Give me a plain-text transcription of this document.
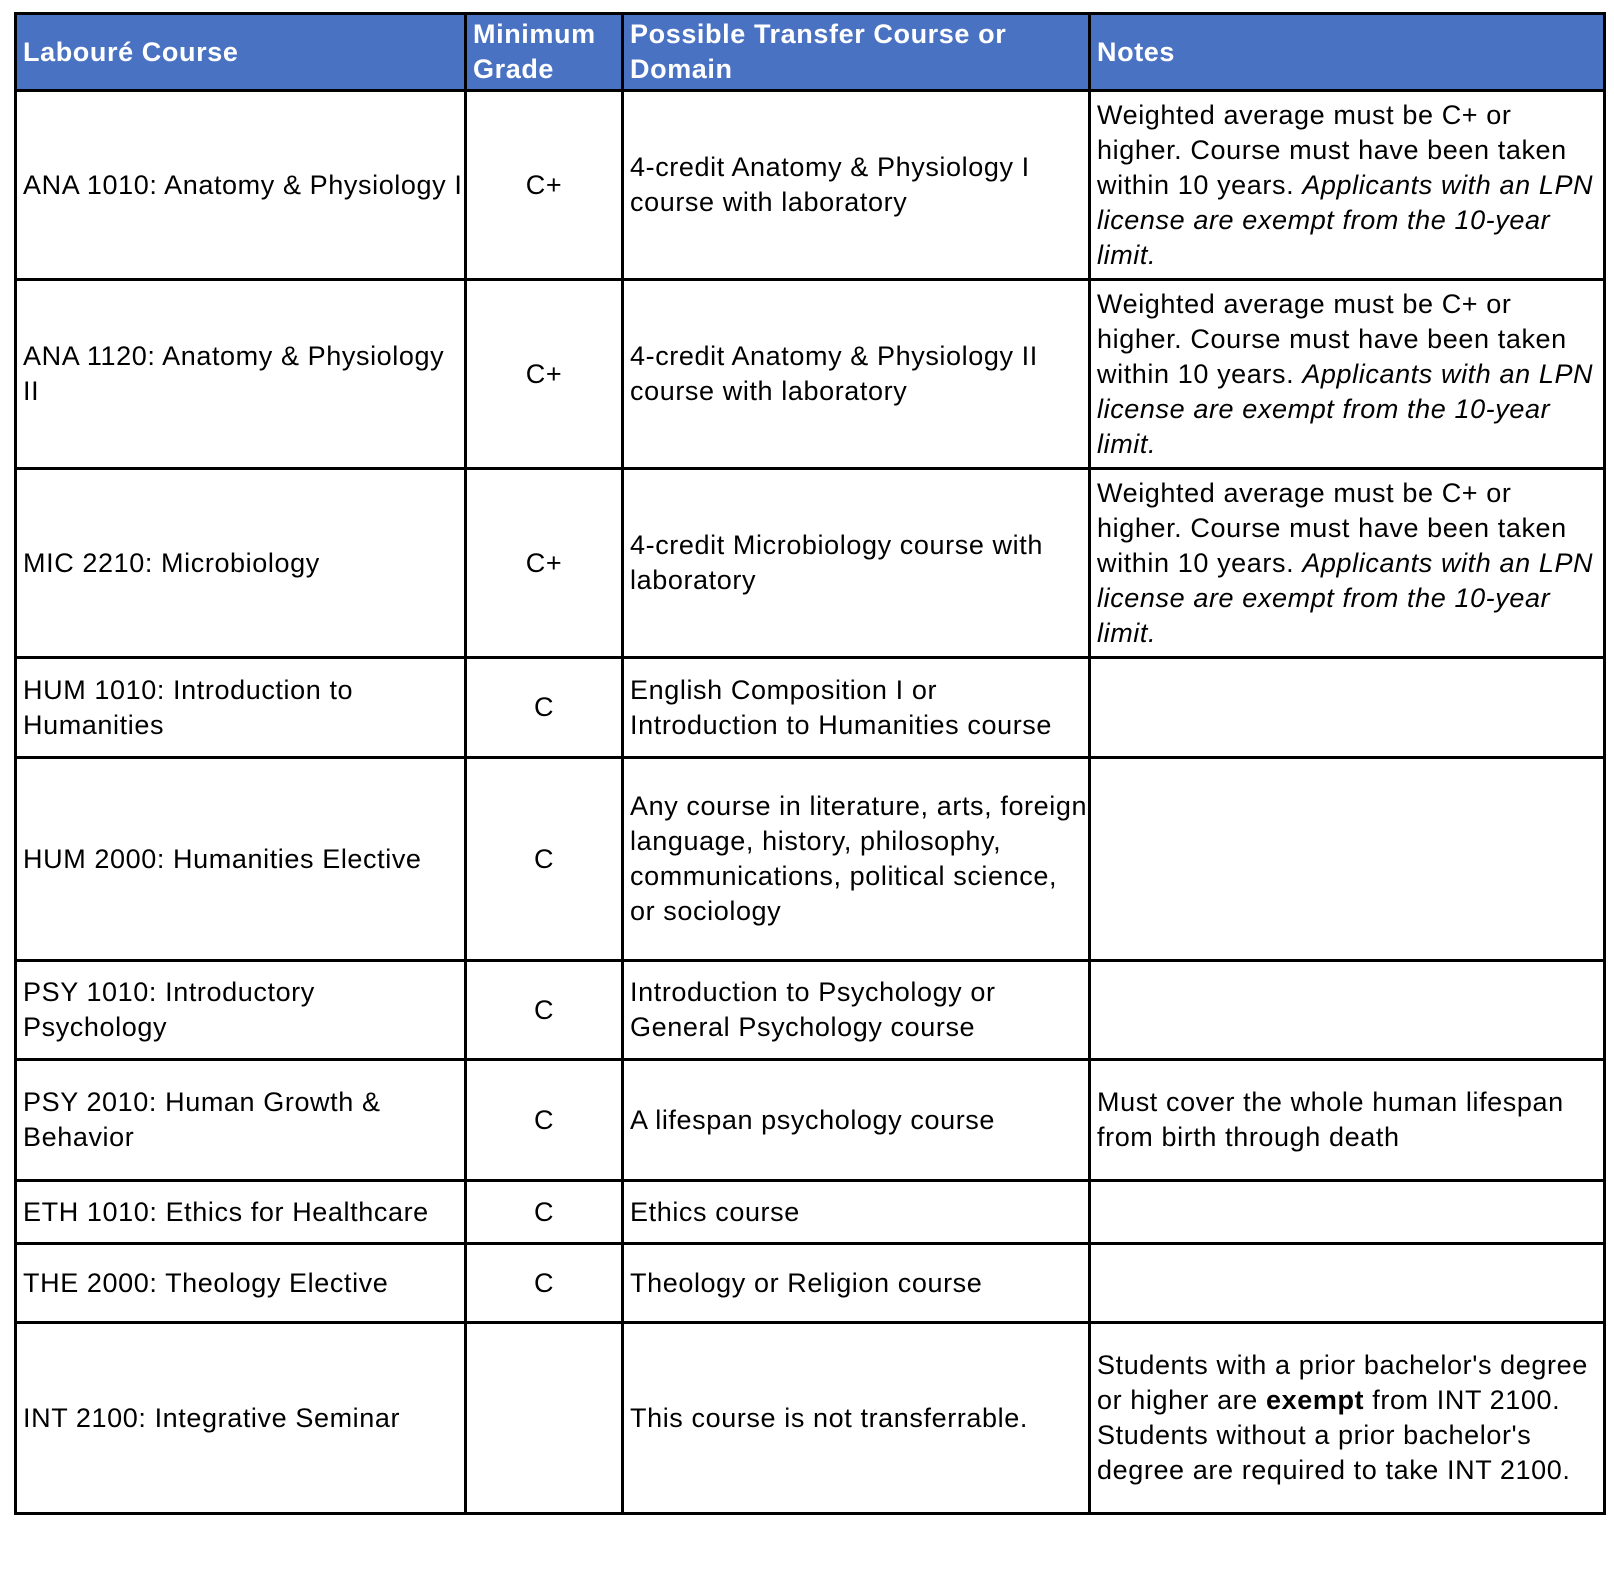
Labouré Course	Minimum Grade	Possible Transfer Course or Domain	Notes
ANA 1010: Anatomy & Physiology I	C+	4-credit Anatomy & Physiology I course with laboratory	Weighted average must be C+ or higher. Course must have been taken within 10 years. Applicants with an LPN license are exempt from the 10-year limit.
ANA 1120: Anatomy & Physiology II	C+	4-credit Anatomy & Physiology II course with laboratory	Weighted average must be C+ or higher. Course must have been taken within 10 years. Applicants with an LPN license are exempt from the 10-year limit.
MIC 2210: Microbiology	C+	4-credit Microbiology course with laboratory	Weighted average must be C+ or higher. Course must have been taken within 10 years. Applicants with an LPN license are exempt from the 10-year limit.
HUM 1010: Introduction to Humanities	C	English Composition I or Introduction to Humanities course	
HUM 2000: Humanities Elective	C	Any course in literature, arts, foreign language, history, philosophy, communications, political science, or sociology	
PSY 1010: Introductory Psychology	C	Introduction to Psychology or General Psychology course	
PSY 2010: Human Growth & Behavior	C	A lifespan psychology course	Must cover the whole human lifespan from birth through death
ETH 1010: Ethics for Healthcare	C	Ethics course	
THE 2000: Theology Elective	C	Theology or Religion course	
INT 2100: Integrative Seminar		This course is not transferrable.	Students with a prior bachelor's degree or higher are exempt from INT 2100. Students without a prior bachelor's degree are required to take INT 2100.
